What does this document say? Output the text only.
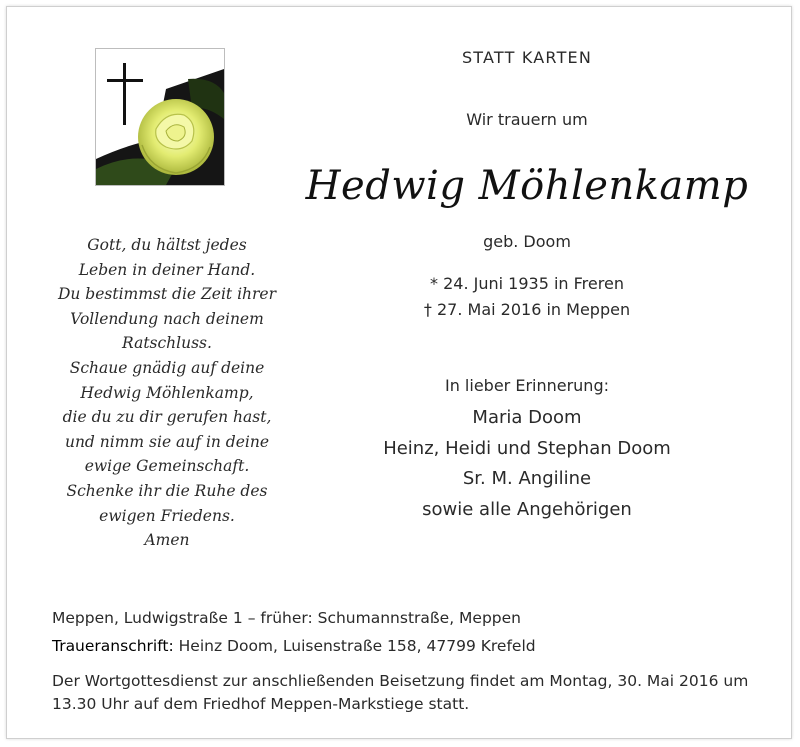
STATT KARTEN
Wir trauern um
Hedwig Möhlenkamp
geb. Doom
* 24. Juni 1935 in Freren
† 27. Mai 2016 in Meppen
Gott, du hältst jedes
Leben in deiner Hand.
Du bestimmst die Zeit ihrer
Vollendung nach deinem
Ratschluss.
Schaue gnädig auf deine
Hedwig Möhlenkamp,
die du zu dir gerufen hast,
und nimm sie auf in deine
ewige Gemeinschaft.
Schenke ihr die Ruhe des
ewigen Friedens.
Amen
In lieber Erinnerung:
Maria Doom
Heinz, Heidi und Stephan Doom
Sr. M. Angiline
sowie alle Angehörigen
Meppen, Ludwigstraße 1 – früher: Schumannstraße, Meppen
Traueranschrift: Heinz Doom, Luisenstraße 158, 47799 Krefeld
Der Wortgottesdienst zur anschließenden Beisetzung findet am Montag, 30. Mai 2016 um 13.30 Uhr auf dem Friedhof Meppen-Markstiege statt.
